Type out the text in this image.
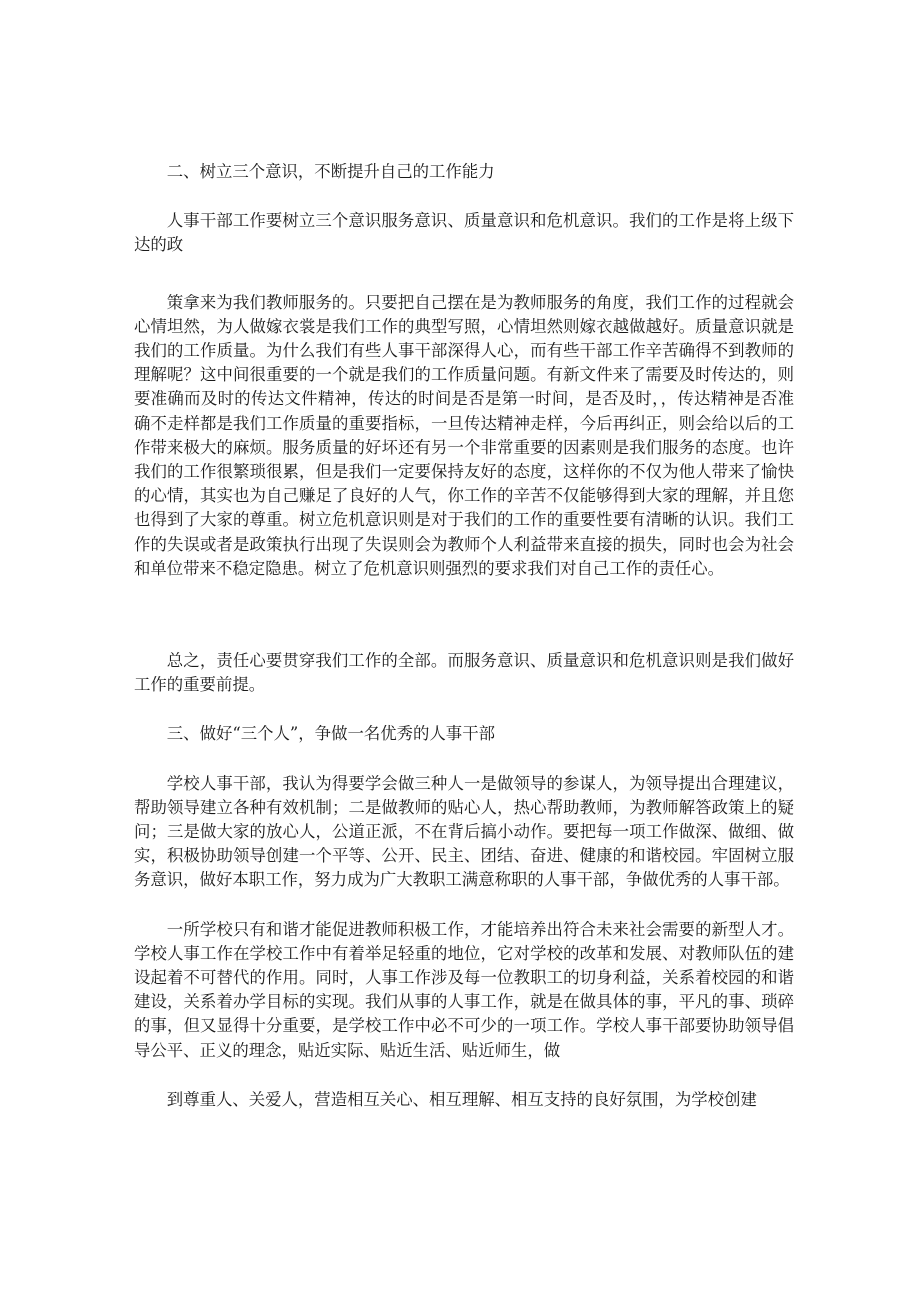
二、树立三个意识，不断提升自己的工作能力

人事干部工作要树立三个意识服务意识、质量意识和危机意识。我们的工作是将上级下达的政

策拿来为我们教师服务的。只要把自己摆在是为教师服务的角度，我们工作的过程就会心情坦然，为人做嫁衣裳是我们工作的典型写照，心情坦然则嫁衣越做越好。质量意识就是我们的工作质量。为什么我们有些人事干部深得人心，而有些干部工作辛苦确得不到教师的理解呢？这中间很重要的一个就是我们的工作质量问题。有新文件来了需要及时传达的，则要准确而及时的传达文件精神，传达的时间是否是第一时间，是否及时，，传达精神是否准确不走样都是我们工作质量的重要指标，一旦传达精神走样，今后再纠正，则会给以后的工作带来极大的麻烦。服务质量的好坏还有另一个非常重要的因素则是我们服务的态度。也许我们的工作很繁琐很累，但是我们一定要保持友好的态度，这样你的不仅为他人带来了愉快的心情，其实也为自己赚足了良好的人气，你工作的辛苦不仅能够得到大家的理解，并且您也得到了大家的尊重。树立危机意识则是对于我们的工作的重要性要有清晰的认识。我们工作的失误或者是政策执行出现了失误则会为教师个人利益带来直接的损失，同时也会为社会和单位带来不稳定隐患。树立了危机意识则强烈的要求我们对自己工作的责任心。

总之，责任心要贯穿我们工作的全部。而服务意识、质量意识和危机意识则是我们做好工作的重要前提。

三、做好“三个人”，争做一名优秀的人事干部

学校人事干部，我认为得要学会做三种人一是做领导的参谋人，为领导提出合理建议，帮助领导建立各种有效机制；二是做教师的贴心人，热心帮助教师，为教师解答政策上的疑问；三是做大家的放心人，公道正派，不在背后搞小动作。要把每一项工作做深、做细、做实，积极协助领导创建一个平等、公开、民主、团结、奋进、健康的和谐校园。牢固树立服务意识，做好本职工作，努力成为广大教职工满意称职的人事干部，争做优秀的人事干部。

一所学校只有和谐才能促进教师积极工作，才能培养出符合未来社会需要的新型人才。学校人事工作在学校工作中有着举足轻重的地位，它对学校的改革和发展、对教师队伍的建设起着不可替代的作用。同时，人事工作涉及每一位教职工的切身利益，关系着校园的和谐建设，关系着办学目标的实现。我们从事的人事工作，就是在做具体的事，平凡的事、琐碎的事，但又显得十分重要，是学校工作中必不可少的一项工作。学校人事干部要协助领导倡导公平、正义的理念，贴近实际、贴近生活、贴近师生，做

到尊重人、关爱人，营造相互关心、相互理解、相互支持的良好氛围，为学校创建
